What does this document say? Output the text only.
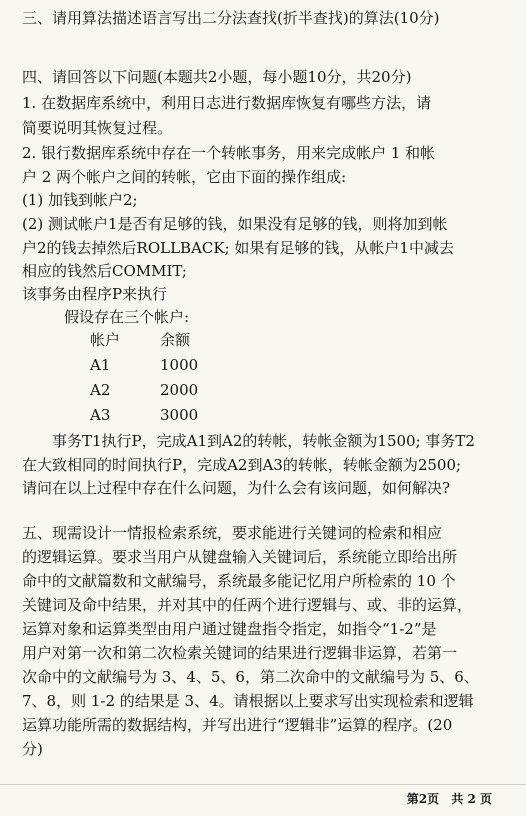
三、请用算法描述语言写出二分法查找(折半查找)的算法(10分)
四、请回答以下问题(本题共2小题，每小题10分，共20分)
1. 在数据库系统中，利用日志进行数据库恢复有哪些方法，请
简要说明其恢复过程。
2. 银行数据库系统中存在一个转帐事务，用来完成帐户 1 和帐
户 2 两个帐户之间的转帐，它由下面的操作组成:
(1) 加钱到帐户2;
(2) 测试帐户1是否有足够的钱，如果没有足够的钱，则将加到帐
户2的钱去掉然后ROLLBACK; 如果有足够的钱，从帐户1中减去
相应的钱然后COMMIT;
该事务由程序P来执行
假设存在三个帐户:
帐户	余额
A1	1000
A2	2000
A3	3000
事务T1执行P，完成A1到A2的转帐，转帐金额为1500; 事务T2
在大致相同的时间执行P，完成A2到A3的转帐，转帐金额为2500;
请问在以上过程中存在什么问题，为什么会有该问题，如何解决?
五、现需设计一情报检索系统，要求能进行关键词的检索和相应
的逻辑运算。要求当用户从键盘输入关键词后，系统能立即给出所
命中的文献篇数和文献编号，系统最多能记忆用户所检索的 10 个
关键词及命中结果，并对其中的任两个进行逻辑与、或、非的运算，
运算对象和运算类型由用户通过键盘指令指定，如指令“1-2”是
用户对第一次和第二次检索关键词的结果进行逻辑非运算，若第一
次命中的文献编号为 3、4、5、6，第二次命中的文献编号为 5、6、
7、8，则 1-2 的结果是 3、4。请根据以上要求写出实现检索和逻辑
运算功能所需的数据结构，并写出进行“逻辑非”运算的程序。(20
分)
第2页 共 2 页
